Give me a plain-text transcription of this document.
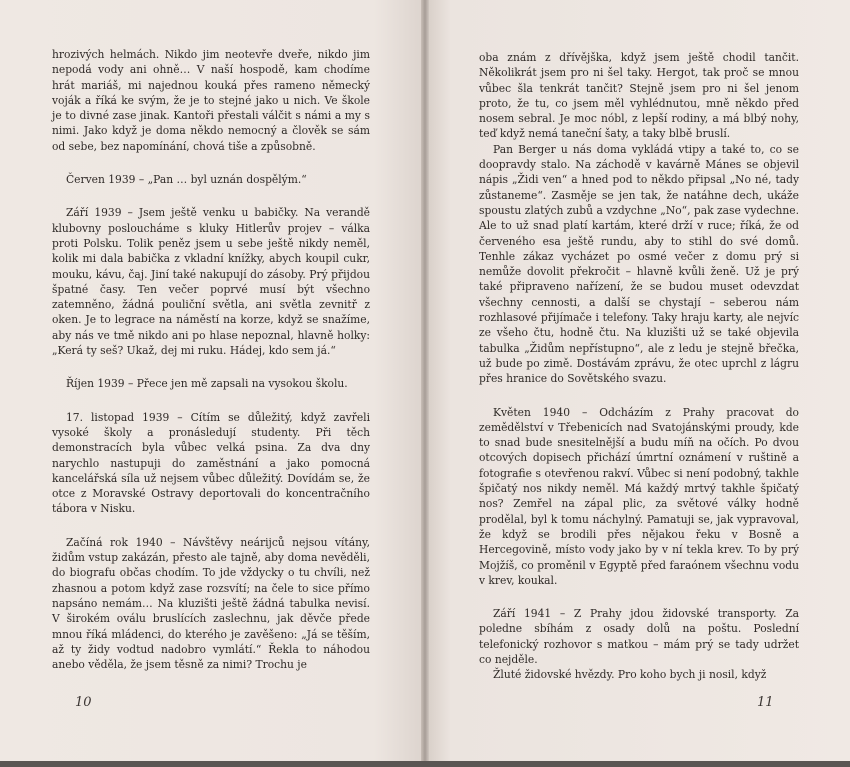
hrozivých helmách. Nikdo jim neotevře dveře, nikdo jim nepodá vody ani ohně… V naší hospodě, kam chodíme hrát mariáš, mi najednou kouká přes rameno německý voják a říká ke svým, že je to stejné jako u nich. Ve škole je to divné zase jinak. Kantoři přestali válčit s námi a my s nimi. Jako když je doma někdo nemocný a člověk se sám od sebe, bez napomínání, chová tiše a způsobně.

Červen 1939 – „Pan … byl uznán dospělým.“

Září 1939 – Jsem ještě venku u babičky. Na verandě klubovny posloucháme s kluky Hitlerův projev – válka proti Polsku. Tolik peněz jsem u sebe ještě nikdy neměl, kolik mi dala babička z vkladní knížky, abych koupil cukr, mouku, kávu, čaj. Jiní také nakupují do zásoby. Prý přijdou špatné časy. Ten večer poprvé musí být všechno zatemněno, žádná pouliční světla, ani světla zevnitř z oken. Je to legrace na náměstí na korze, když se snažíme, aby nás ve tmě nikdo ani po hlase nepoznal, hlavně holky: „Kerá ty seš? Ukaž, dej mi ruku. Hádej, kdo sem já.“

Říjen 1939 – Přece jen mě zapsali na vysokou školu.

17. listopad 1939 – Cítím se důležitý, když zavřeli vysoké školy a pronásledují studenty. Při těch demonstracích byla vůbec velká psina. Za dva dny narychlo nastupuji do zaměstnání a jako pomocná kancelářská síla už nejsem vůbec důležitý. Dovídám se, že otce z Moravské Ostravy deportovali do koncentračního tábora v Nisku.

Začíná rok 1940 – Návštěvy neárijců nejsou vítány, židům vstup zakázán, přesto ale tajně, aby doma nevěděli, do biografu občas chodím. To jde vždycky o tu chvíli, než zhasnou a potom když zase rozsvítí; na čele to sice přímo napsáno nemám… Na kluzišti ještě žádná tabulka nevisí. V širokém oválu bruslících zaslechnu, jak děvče přede mnou říká mládenci, do kterého je zavěšeno: „Já se těším, až ty židy vodtud nadobro vymlátí.“ Řekla to náhodou anebo věděla, že jsem těsně za nimi? Trochu je

10

oba znám z dřívějška, když jsem ještě chodil tančit. Několikrát jsem pro ni šel taky. Hergot, tak proč se mnou vůbec šla tenkrát tančit? Stejně jsem pro ni šel jenom proto, že tu, co jsem měl vyhlédnutou, mně někdo před nosem sebral. Je moc nóbl, z lepší rodiny, a má blbý nohy, teď když nemá taneční šaty, a taky blbě bruslí.

Pan Berger u nás doma vykládá vtipy a také to, co se doopravdy stalo. Na záchodě v kavárně Mánes se objevil nápis „Židi ven“ a hned pod to někdo připsal „No né, tady zůstaneme“. Zasměje se jen tak, že natáhne dech, ukáže spoustu zlatých zubů a vzdychne „No“, pak zase vydechne. Ale to už snad platí kartám, které drží v ruce; říká, že od červeného esa ještě rundu, aby to stihl do své domů. Tenhle zákaz vycházet po osmé večer z domu prý si nemůže dovolit překročit – hlavně kvůli ženě. Už je prý také připraveno nařízení, že se budou muset odevzdat všechny cennosti, a další se chystají – seberou nám rozhlasové přijímače i telefony. Taky hraju karty, ale nejvíc ze všeho čtu, hodně čtu. Na kluzišti už se také objevila tabulka „Židům nepřístupno“, ale z ledu je stejně břečka, už bude po zimě. Dostávám zprávu, že otec uprchl z lágru přes hranice do Sovětského svazu.

Květen 1940 – Odcházím z Prahy pracovat do zemědělství v Třebenicích nad Svatojánskými proudy, kde to snad bude snesitelnější a budu míň na očích. Po dvou otcových dopisech přichází úmrtní oznámení v ruštině a fotografie s otevřenou rakví. Vůbec si není podobný, takhle špičatý nos nikdy neměl. Má každý mrtvý takhle špičatý nos? Zemřel na zápal plic, za světové války hodně prodělal, byl k tomu náchylný. Pamatuji se, jak vypravoval, že když se brodili přes nějakou řeku v Bosně a Hercegovině, místo vody jako by v ní tekla krev. To by prý Mojžíš, co proměnil v Egyptě před faraónem všechnu vodu v krev, koukal.

Září 1941 – Z Prahy jdou židovské transporty. Za poledne sbíhám z osady dolů na poštu. Poslední telefonický rozhovor s matkou – mám prý se tady udržet co nejděle.

Žluté židovské hvězdy. Pro koho bych ji nosil, když

11
